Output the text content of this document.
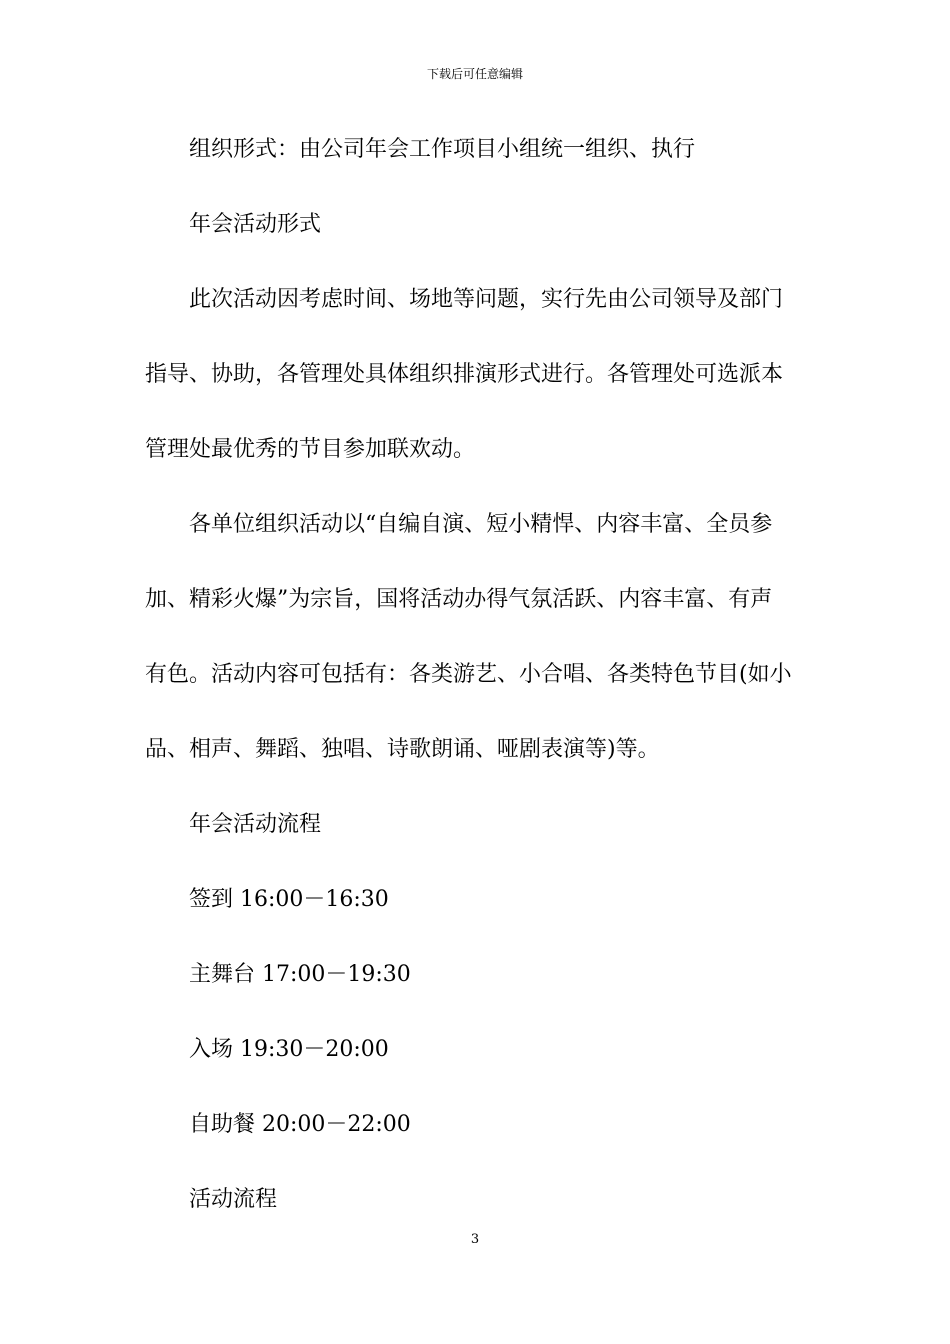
下载后可任意编辑
组织形式：由公司年会工作项目小组统一组织、执行
年会活动形式
此次活动因考虑时间、场地等问题，实行先由公司领导及部门
指导、协助，各管理处具体组织排演形式进行。各管理处可选派本
管理处最优秀的节目参加联欢动。
各单位组织活动以“自编自演、短小精悍、内容丰富、全员参
加、精彩火爆”为宗旨，国将活动办得气氛活跃、内容丰富、有声
有色。活动内容可包括有：各类游艺、小合唱、各类特色节目(如小
品、相声、舞蹈、独唱、诗歌朗诵、哑剧表演等)等。
年会活动流程
签到 16:00－16:30
主舞台 17:00－19:30
入场 19:30－20:00
自助餐 20:00－22:00
活动流程
3
